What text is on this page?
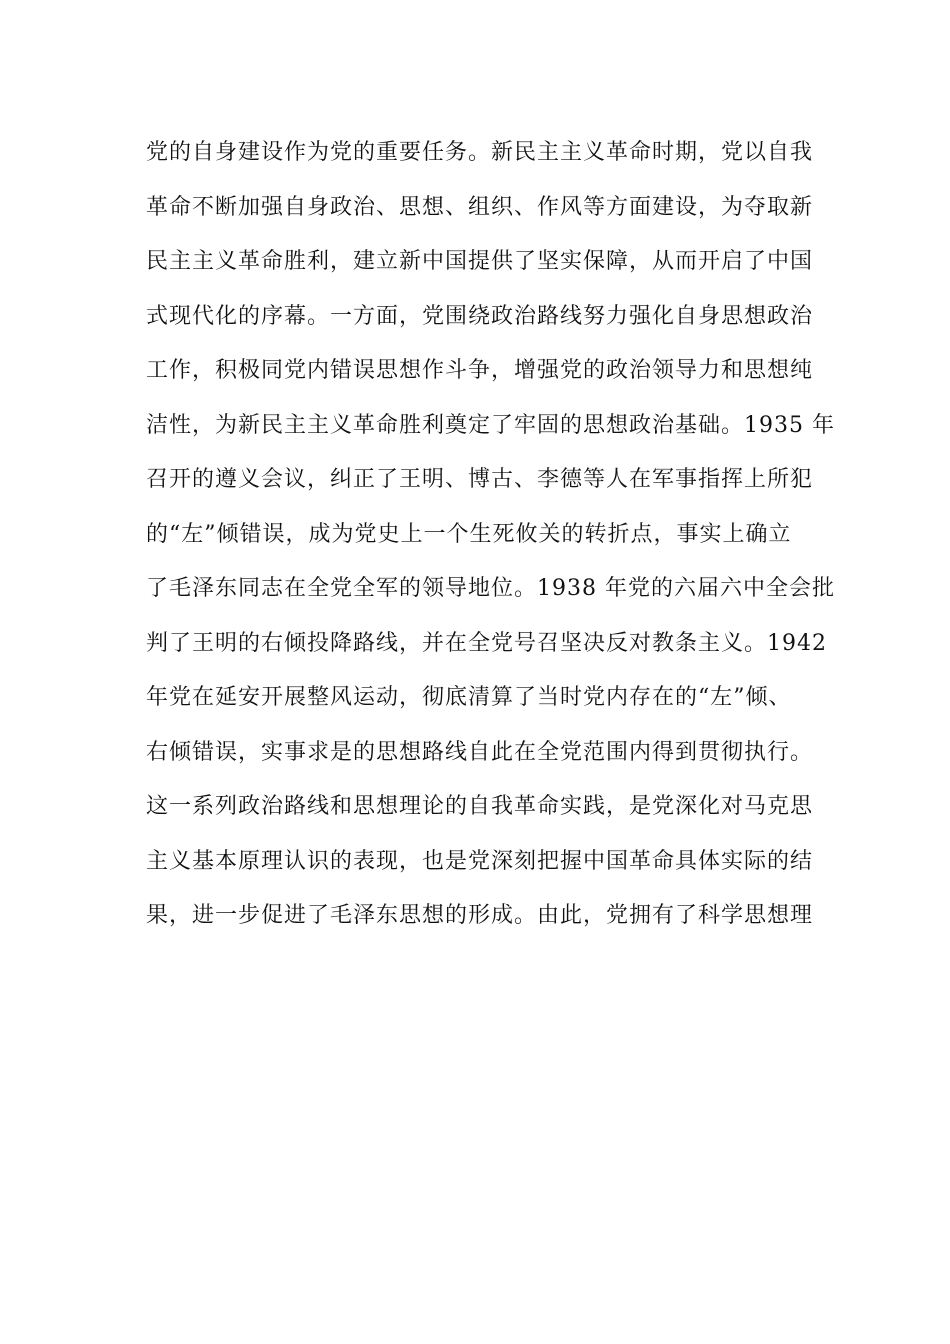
党的自身建设作为党的重要任务。新民主主义革命时期，党以自我
革命不断加强自身政治、思想、组织、作风等方面建设，为夺取新
民主主义革命胜利，建立新中国提供了坚实保障，从而开启了中国
式现代化的序幕。一方面，党围绕政治路线努力强化自身思想政治
工作，积极同党内错误思想作斗争，增强党的政治领导力和思想纯
洁性，为新民主主义革命胜利奠定了牢固的思想政治基础。1935 年
召开的遵义会议，纠正了王明、博古、李德等人在军事指挥上所犯
的“左”倾错误，成为党史上一个生死攸关的转折点，事实上确立
了毛泽东同志在全党全军的领导地位。1938 年党的六届六中全会批
判了王明的右倾投降路线，并在全党号召坚决反对教条主义。1942
年党在延安开展整风运动，彻底清算了当时党内存在的“左”倾、
右倾错误，实事求是的思想路线自此在全党范围内得到贯彻执行。
这一系列政治路线和思想理论的自我革命实践，是党深化对马克思
主义基本原理认识的表现，也是党深刻把握中国革命具体实际的结
果，进一步促进了毛泽东思想的形成。由此，党拥有了科学思想理
